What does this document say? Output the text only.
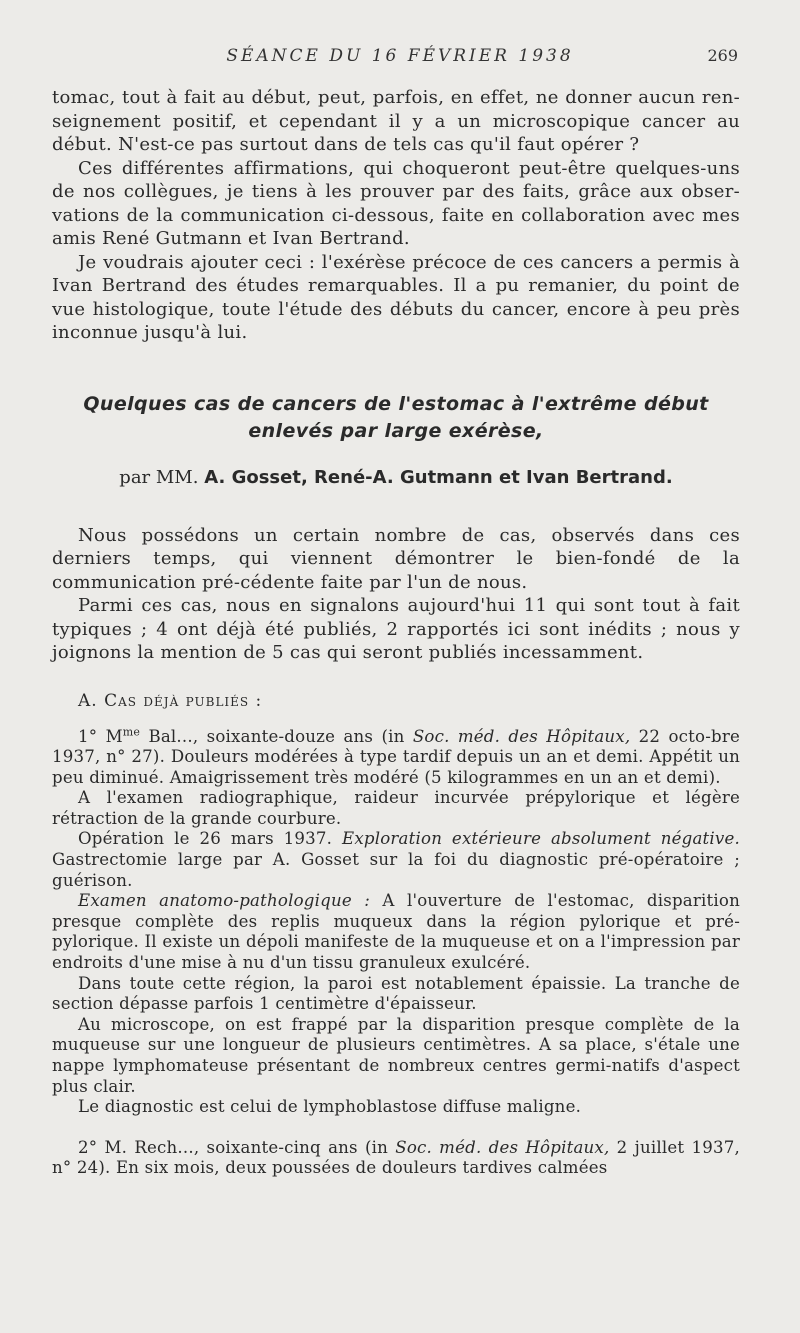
SÉANCE DU 16 FÉVRIER 1938	269

tomac, tout à fait au début, peut, parfois, en effet, ne donner aucun ren-seignement positif, et cependant il y a un microscopique cancer au début. N'est-ce pas surtout dans de tels cas qu'il faut opérer ?

Ces différentes affirmations, qui choqueront peut-être quelques-uns de nos collègues, je tiens à les prouver par des faits, grâce aux obser-vations de la communication ci-dessous, faite en collaboration avec mes amis René Gutmann et Ivan Bertrand.

Je voudrais ajouter ceci : l'exérèse précoce de ces cancers a permis à Ivan Bertrand des études remarquables. Il a pu remanier, du point de vue histologique, toute l'étude des débuts du cancer, encore à peu près inconnue jusqu'à lui.

Quelques cas de cancers de l'estomac à l'extrême début
enlevés par large exérèse,
par MM. A. Gosset, René-A. Gutmann et Ivan Bertrand.

Nous possédons un certain nombre de cas, observés dans ces derniers temps, qui viennent démontrer le bien-fondé de la communication pré-cédente faite par l'un de nous.

Parmi ces cas, nous en signalons aujourd'hui 11 qui sont tout à fait typiques ; 4 ont déjà été publiés, 2 rapportés ici sont inédits ; nous y joignons la mention de 5 cas qui seront publiés incessamment.

A. Cas déjà publiés :

1° $M^{me}$ Bal..., soixante-douze ans (in Soc. méd. des Hôpitaux, 22 octo-bre 1937, n° 27). Douleurs modérées à type tardif depuis un an et demi. Appétit un peu diminué. Amaigrissement très modéré (5 kilogrammes en un an et demi).

A l'examen radiographique, raideur incurvée prépylorique et légère rétraction de la grande courbure.

Opération le 26 mars 1937. Exploration extérieure absolument négative. Gastrectomie large par A. Gosset sur la foi du diagnostic pré-opératoire ; guérison.

Examen anatomo-pathologique : A l'ouverture de l'estomac, disparition presque complète des replis muqueux dans la région pylorique et pré-pylorique. Il existe un dépoli manifeste de la muqueuse et on a l'impression par endroits d'une mise à nu d'un tissu granuleux exulcéré.

Dans toute cette région, la paroi est notablement épaissie. La tranche de section dépasse parfois 1 centimètre d'épaisseur.

Au microscope, on est frappé par la disparition presque complète de la muqueuse sur une longueur de plusieurs centimètres. A sa place, s'étale une nappe lymphomateuse présentant de nombreux centres germi-natifs d'aspect plus clair.

Le diagnostic est celui de lymphoblastose diffuse maligne.

2° M. Rech..., soixante-cinq ans (in Soc. méd. des Hôpitaux, 2 juillet 1937, n° 24). En six mois, deux poussées de douleurs tardives calmées
